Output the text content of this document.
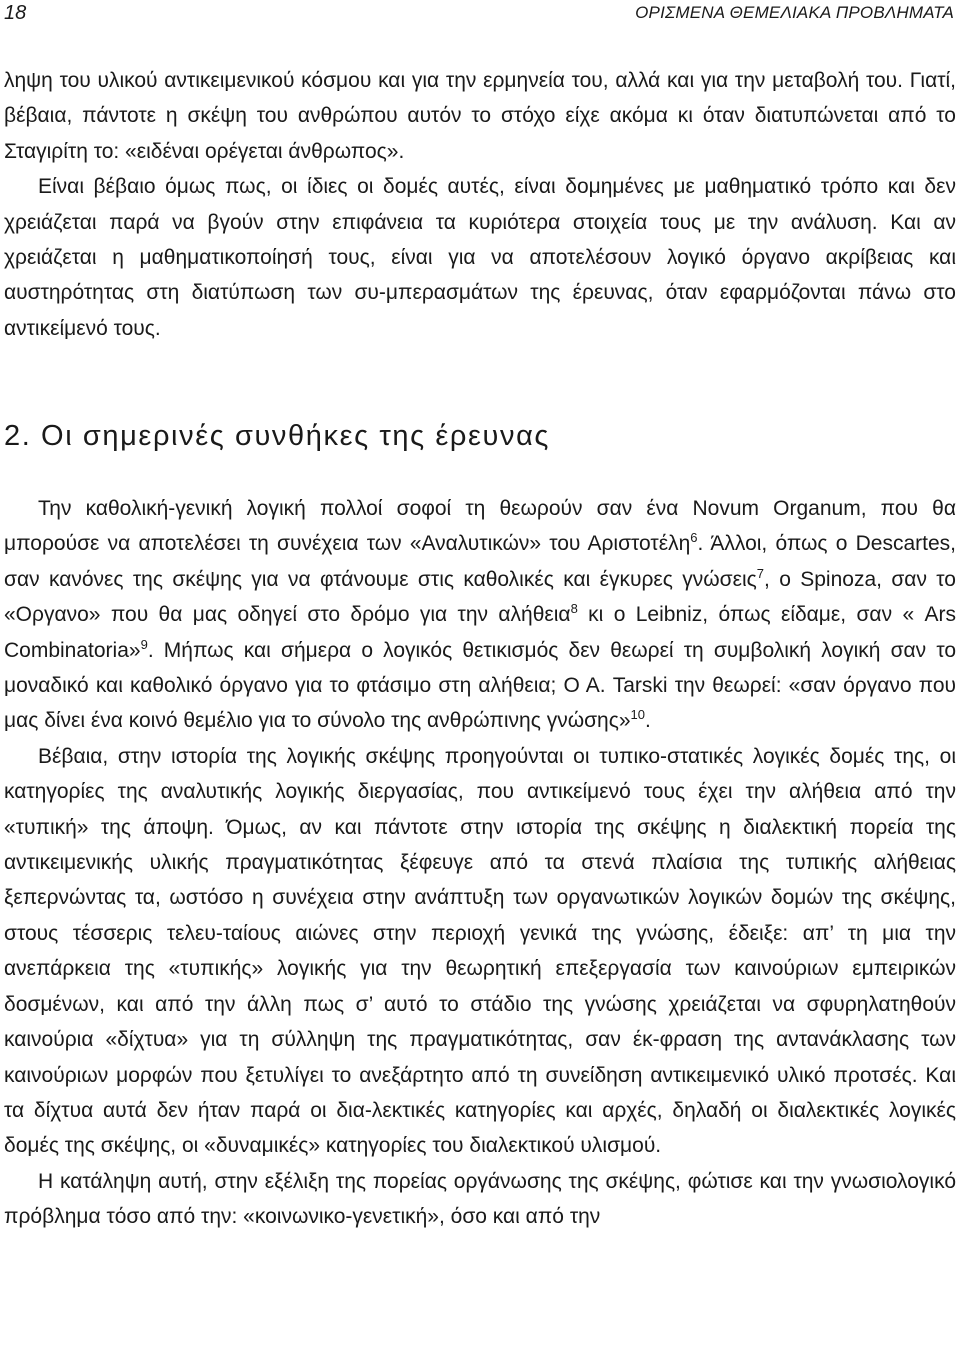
18	ΟΡΙΣΜΕΝΑ ΘΕΜΕΛΙΑΚΑ ΠΡΟΒΛΗΜΑΤΑ

ληψη του υλικού αντικειμενικού κόσμου και για την ερμηνεία του, αλλά και για την μεταβολή του. Γιατί, βέβαια, πάντοτε η σκέψη του ανθρώπου αυτόν το στόχο είχε ακόμα κι όταν διατυπώνεται από το Σταγιρίτη το: «ειδέναι ορέγεται άνθρωπος».

Είναι βέβαιο όμως πως, οι ίδιες οι δομές αυτές, είναι δομημένες με μαθηματικό τρόπο και δεν χρειάζεται παρά να βγούν στην επιφάνεια τα κυριότερα στοιχεία τους με την ανάλυση. Και αν χρειάζεται η μαθηματικοποίησή τους, είναι για να αποτελέσουν λογικό όργανο ακρίβειας και αυστηρότητας στη διατύπωση των συ-μπερασμάτων της έρευνας, όταν εφαρμόζονται πάνω στο αντικείμενό τους.

2. Οι σημερινές συνθήκες της έρευνας

Την καθολική-γενική λογική πολλοί σοφοί τη θεωρούν σαν ένα Novum Organum, που θα μπορούσε να αποτελέσει τη συνέχεια των «Αναλυτικών» του Αριστοτέλη$^6$. Άλλοι, όπως ο Descartes, σαν κανόνες της σκέψης για να φτάνουμε στις καθολικές και έγκυρες γνώσεις$^7$, ο Spinoza, σαν το «Οργανο» που θα μας οδηγεί στο δρόμο για την αλήθεια$^8$ κι ο Leibniz, όπως είδαμε, σαν « Ars Combinatoria»$^9$. Μήπως και σήμερα ο λογικός θετικισμός δεν θεωρεί τη συμβολική λογική σαν το μοναδικό και καθολικό όργανο για το φτάσιμο στη αλήθεια; Ο Α. Tarski την θεωρεί: «σαν όργανο που μας δίνει ένα κοινό θεμέλιο για το σύνολο της ανθρώπινης γνώσης»$^{10}$.

Βέβαια, στην ιστορία της λογικής σκέψης προηγούνται οι τυπικο-στατικές λογικές δομές της, οι κατηγορίες της αναλυτικής λογικής διεργασίας, που αντικείμενό τους έχει την αλήθεια από την «τυπική» της άποψη. Όμως, αν και πάντοτε στην ιστορία της σκέψης η διαλεκτική πορεία της αντικειμενικής υλικής πραγματικότητας ξέφευγε από τα στενά πλαίσια της τυπικής αλήθειας ξεπερνώντας τα, ωστόσο η συνέχεια στην ανάπτυξη των οργανωτικών λογικών δομών της σκέψης, στους τέσσερις τελευ-ταίους αιώνες στην περιοχή γενικά της γνώσης, έδειξε: απ’ τη μια την ανεπάρκεια της «τυπικής» λογικής για την θεωρητική επεξεργασία των καινούριων εμπειρικών δοσμένων, και από την άλλη πως σ’ αυτό το στάδιο της γνώσης χρειάζεται να σφυρηλατηθούν καινούρια «δίχτυα» για τη σύλληψη της πραγματικότητας, σαν έκ-φραση της αντανάκλασης των καινούριων μορφών που ξετυλίγει το ανεξάρτητο από τη συνείδηση αντικειμενικό υλικό προτσές. Και τα δίχτυα αυτά δεν ήταν παρά οι δια-λεκτικές κατηγορίες και αρχές, δηλαδή οι διαλεκτικές λογικές δομές της σκέψης, οι «δυναμικές» κατηγορίες του διαλεκτικού υλισμού.

Η κατάληψη αυτή, στην εξέλιξη της πορείας οργάνωσης της σκέψης, φώτισε και την γνωσιολογικό πρόβλημα τόσο από την: «κοινωνικο-γενετική», όσο και από την
